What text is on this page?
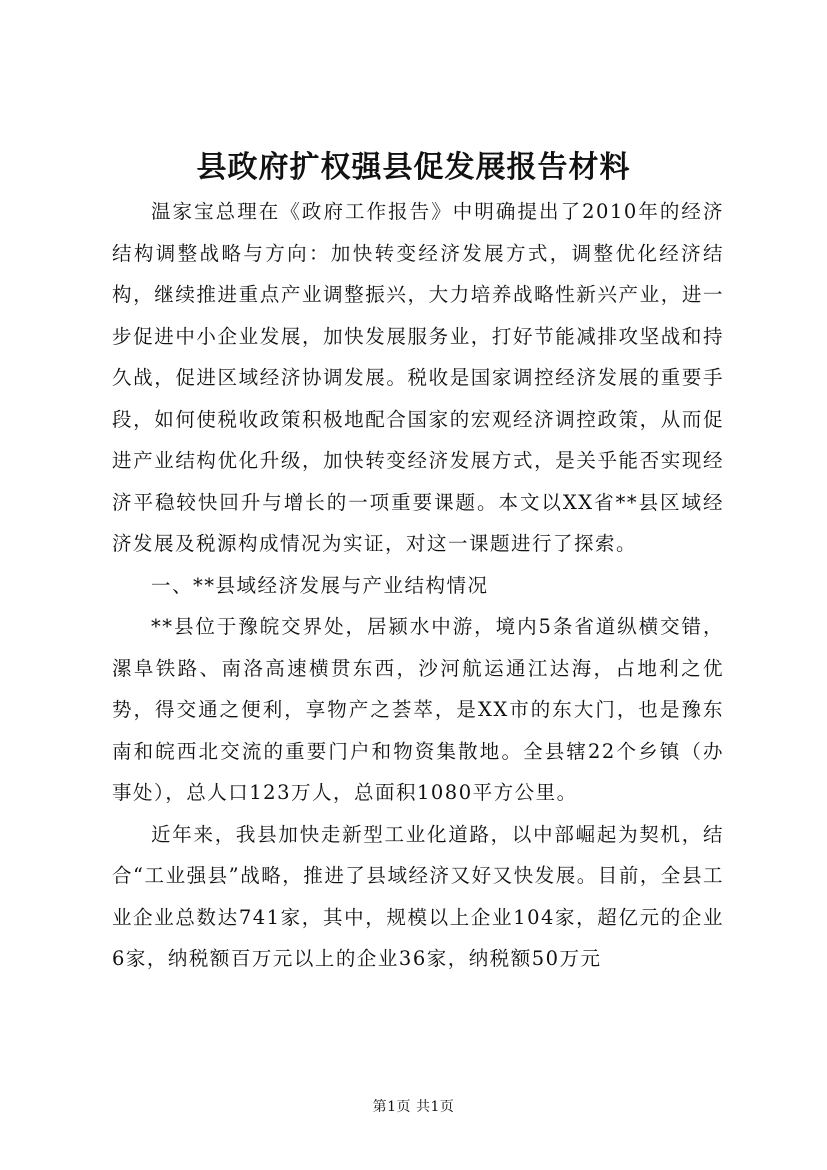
县政府扩权强县促发展报告材料

温家宝总理在《政府工作报告》中明确提出了2010年的经济结构调整战略与方向：加快转变经济发展方式，调整优化经济结构，继续推进重点产业调整振兴，大力培养战略性新兴产业，进一步促进中小企业发展，加快发展服务业，打好节能减排攻坚战和持久战，促进区域经济协调发展。税收是国家调控经济发展的重要手段，如何使税收政策积极地配合国家的宏观经济调控政策，从而促进产业结构优化升级，加快转变经济发展方式，是关乎能否实现经济平稳较快回升与增长的一项重要课题。本文以XX省**县区域经济发展及税源构成情况为实证，对这一课题进行了探索。

一、**县域经济发展与产业结构情况

**县位于豫皖交界处，居颍水中游，境内5条省道纵横交错，漯阜铁路、南洛高速横贯东西，沙河航运通江达海，占地利之优势，得交通之便利，享物产之荟萃，是XX市的东大门，也是豫东南和皖西北交流的重要门户和物资集散地。全县辖22个乡镇（办事处），总人口123万人，总面积1080平方公里。

近年来，我县加快走新型工业化道路，以中部崛起为契机，结合“工业强县”战略，推进了县域经济又好又快发展。目前，全县工业企业总数达741家，其中，规模以上企业104家，超亿元的企业6家，纳税额百万元以上的企业36家，纳税额50万元

第1页 共1页
